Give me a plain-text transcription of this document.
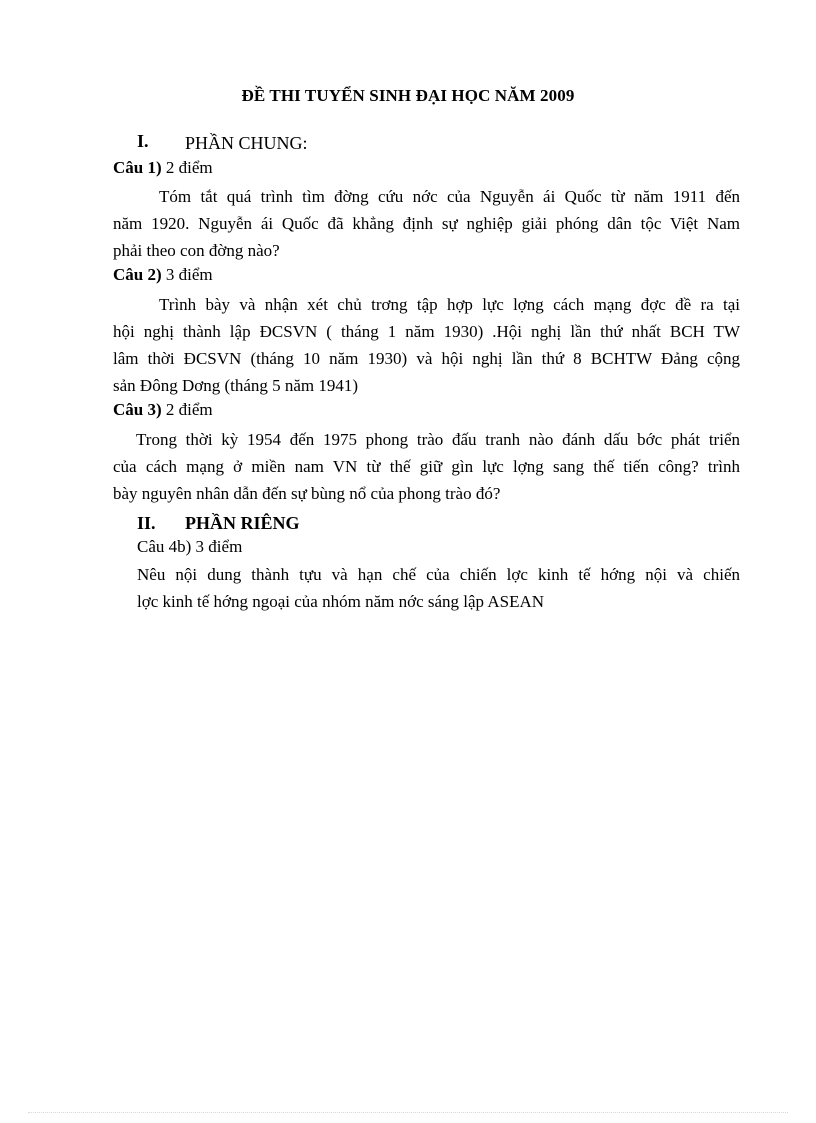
ĐỀ THI TUYỂN SINH ĐẠI HỌC NĂM 2009
I. PHẦN CHUNG:
Câu 1) 2 điểm
Tóm tắt quá trình tìm đờng cứu nớc của Nguyễn ái Quốc từ năm 1911 đến
năm 1920. Nguyễn ái Quốc đã khẳng định sự nghiệp giải phóng dân tộc Việt Nam
phải theo con đờng nào?
Câu 2) 3 điểm
Trình bày và nhận xét chủ trơng tập hợp lực lợng cách mạng đợc đề ra tại
hội nghị thành lập ĐCSVN ( tháng 1 năm 1930) .Hội nghị lần thứ nhất BCH TW
lâm thời ĐCSVN (tháng 10 năm 1930) và hội nghị lần thứ 8 BCHTW Đảng cộng
sản Đông Dơng (tháng 5 năm 1941)
Câu 3) 2 điểm
Trong thời kỳ 1954 đến 1975 phong trào đấu tranh nào đánh dấu bớc phát triển
của cách mạng ở miền nam VN từ thế giữ gìn lực lợng sang thế tiến công? trình
bày nguyên nhân dẫn đến sự bùng nổ của phong trào đó?
II. PHẦN RIÊNG
Câu 4b) 3 điểm
Nêu nội dung thành tựu và hạn chế của chiến lợc kinh tế hớng nội và chiến
lợc kinh tế hớng ngoại của nhóm năm nớc sáng lập ASEAN
